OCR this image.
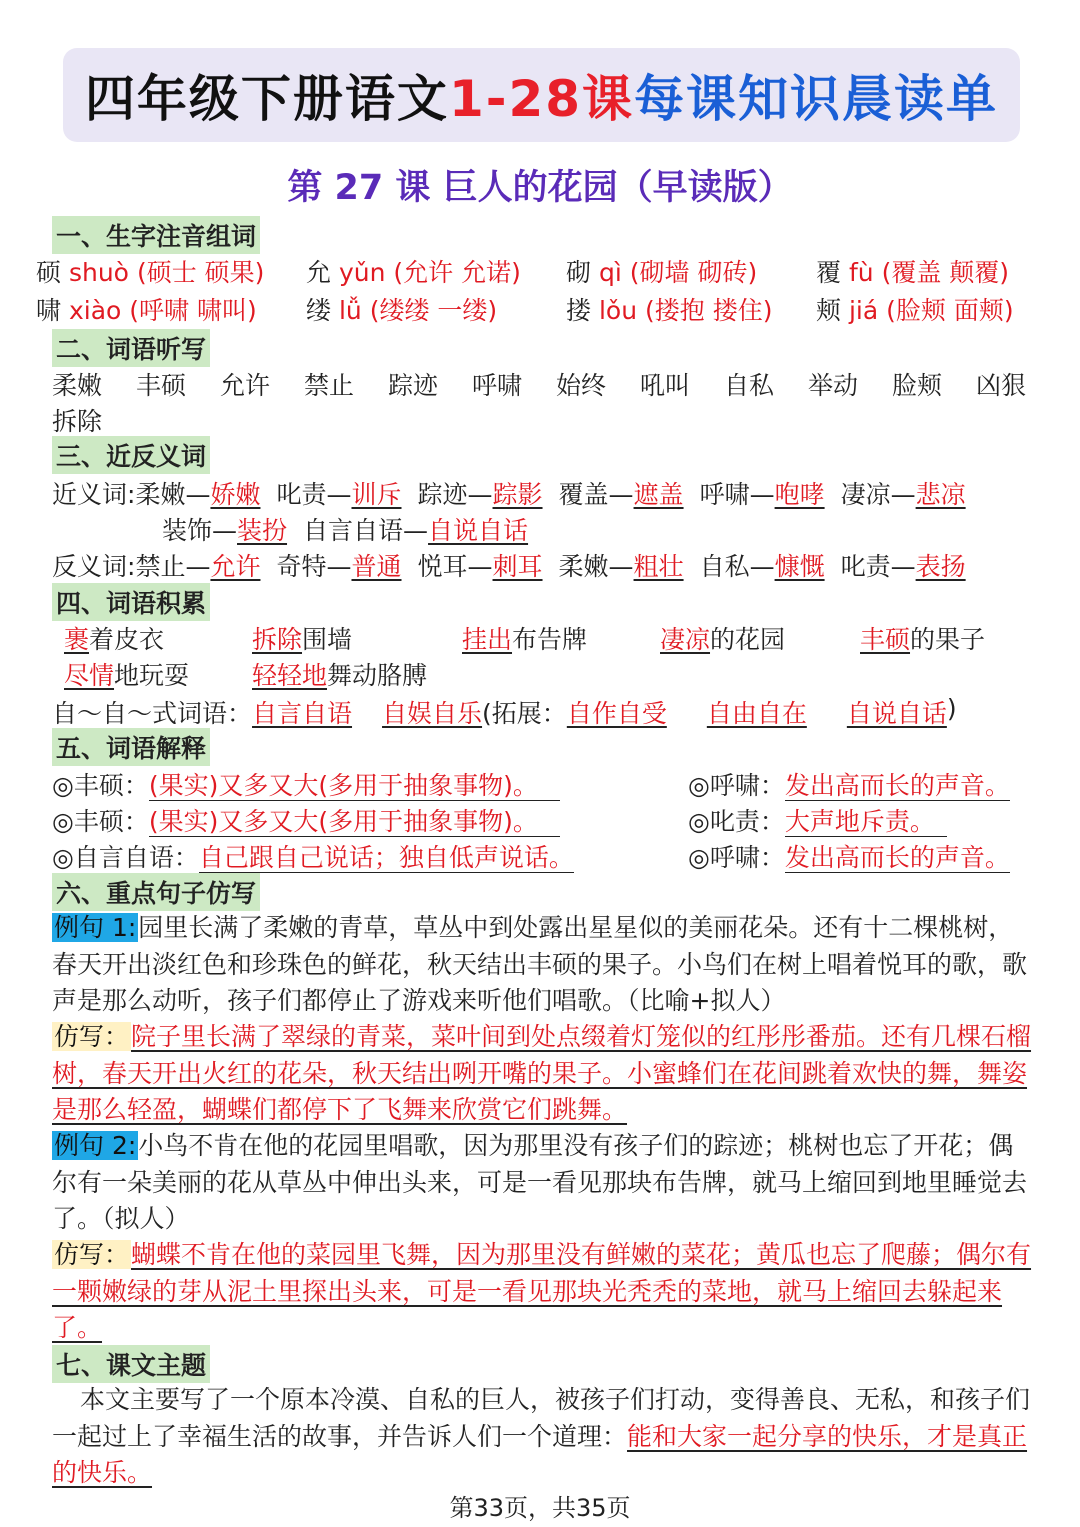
四年级下册语文 1-28课 每课知识晨读单
第 27 课 巨人的花园（早读版）
一、生字注音组词
硕 shuò (硕士 硕果)	允 yǔn (允许 允诺)	砌 qì (砌墙 砌砖)	覆 fù (覆盖 颠覆)
啸 xiào (呼啸 啸叫)	缕 lǚ (缕缕 一缕)	搂 lǒu (搂抱 搂住)	颊 jiá (脸颊 面颊)
二、词语听写
柔嫩	丰硕	允许	禁止	踪迹	呼啸	始终	吼叫	自私	举动	脸颊	凶狠
拆除
三、近反义词
近义词: 柔嫩—娇嫩 叱责—训斥 踪迹—踪影 覆盖—遮盖 呼啸—咆哮 凄凉—悲凉
装饰—装扮 自言自语—自说自话
反义词: 禁止—允许 奇特—普通 悦耳—刺耳 柔嫩—粗壮 自私—慷慨 叱责—表扬
四、词语积累
裹着皮衣	拆除围墙	挂出布告牌	凄凉的花园	丰硕的果子
尽情地玩耍	轻轻地舞动胳膊
自～自～式词语： 自言自语 自娱自乐 (拓展： 自作自受 自由自在 自说自话 )
五、词语解释
◎丰硕：(果实)又多又大(多用于抽象事物)。	◎呼啸：发出高而长的声音。
◎丰硕：(果实)又多又大(多用于抽象事物)。	◎叱责：大声地斥责。
◎自言自语：自己跟自己说话；独自低声说话。	◎呼啸：发出高而长的声音。
六、重点句子仿写
例句 1:园里长满了柔嫩的青草，草丛中到处露出星星似的美丽花朵。还有十二棵桃树，春天开出淡红色和珍珠色的鲜花，秋天结出丰硕的果子。小鸟们在树上唱着悦耳的歌，歌声是那么动听，孩子们都停止了游戏来听他们唱歌。（比喻+拟人）
仿写：院子里长满了翠绿的青菜，菜叶间到处点缀着灯笼似的红彤彤番茄。还有几棵石榴树，春天开出火红的花朵，秋天结出咧开嘴的果子。小蜜蜂们在花间跳着欢快的舞，舞姿是那么轻盈，蝴蝶们都停下了飞舞来欣赏它们跳舞。
例句 2:小鸟不肯在他的花园里唱歌，因为那里没有孩子们的踪迹；桃树也忘了开花；偶尔有一朵美丽的花从草丛中伸出头来，可是一看见那块布告牌，就马上缩回到地里睡觉去了。（拟人）
仿写：蝴蝶不肯在他的菜园里飞舞，因为那里没有鲜嫩的菜花；黄瓜也忘了爬藤；偶尔有一颗嫩绿的芽从泥土里探出头来，可是一看见那块光秃秃的菜地，就马上缩回去躲起来了。
七、课文主题
本文主要写了一个原本冷漠、自私的巨人，被孩子们打动，变得善良、无私，和孩子们一起过上了幸福生活的故事，并告诉人们一个道理：能和大家一起分享的快乐，才是真正的快乐。
第33页，共35页
